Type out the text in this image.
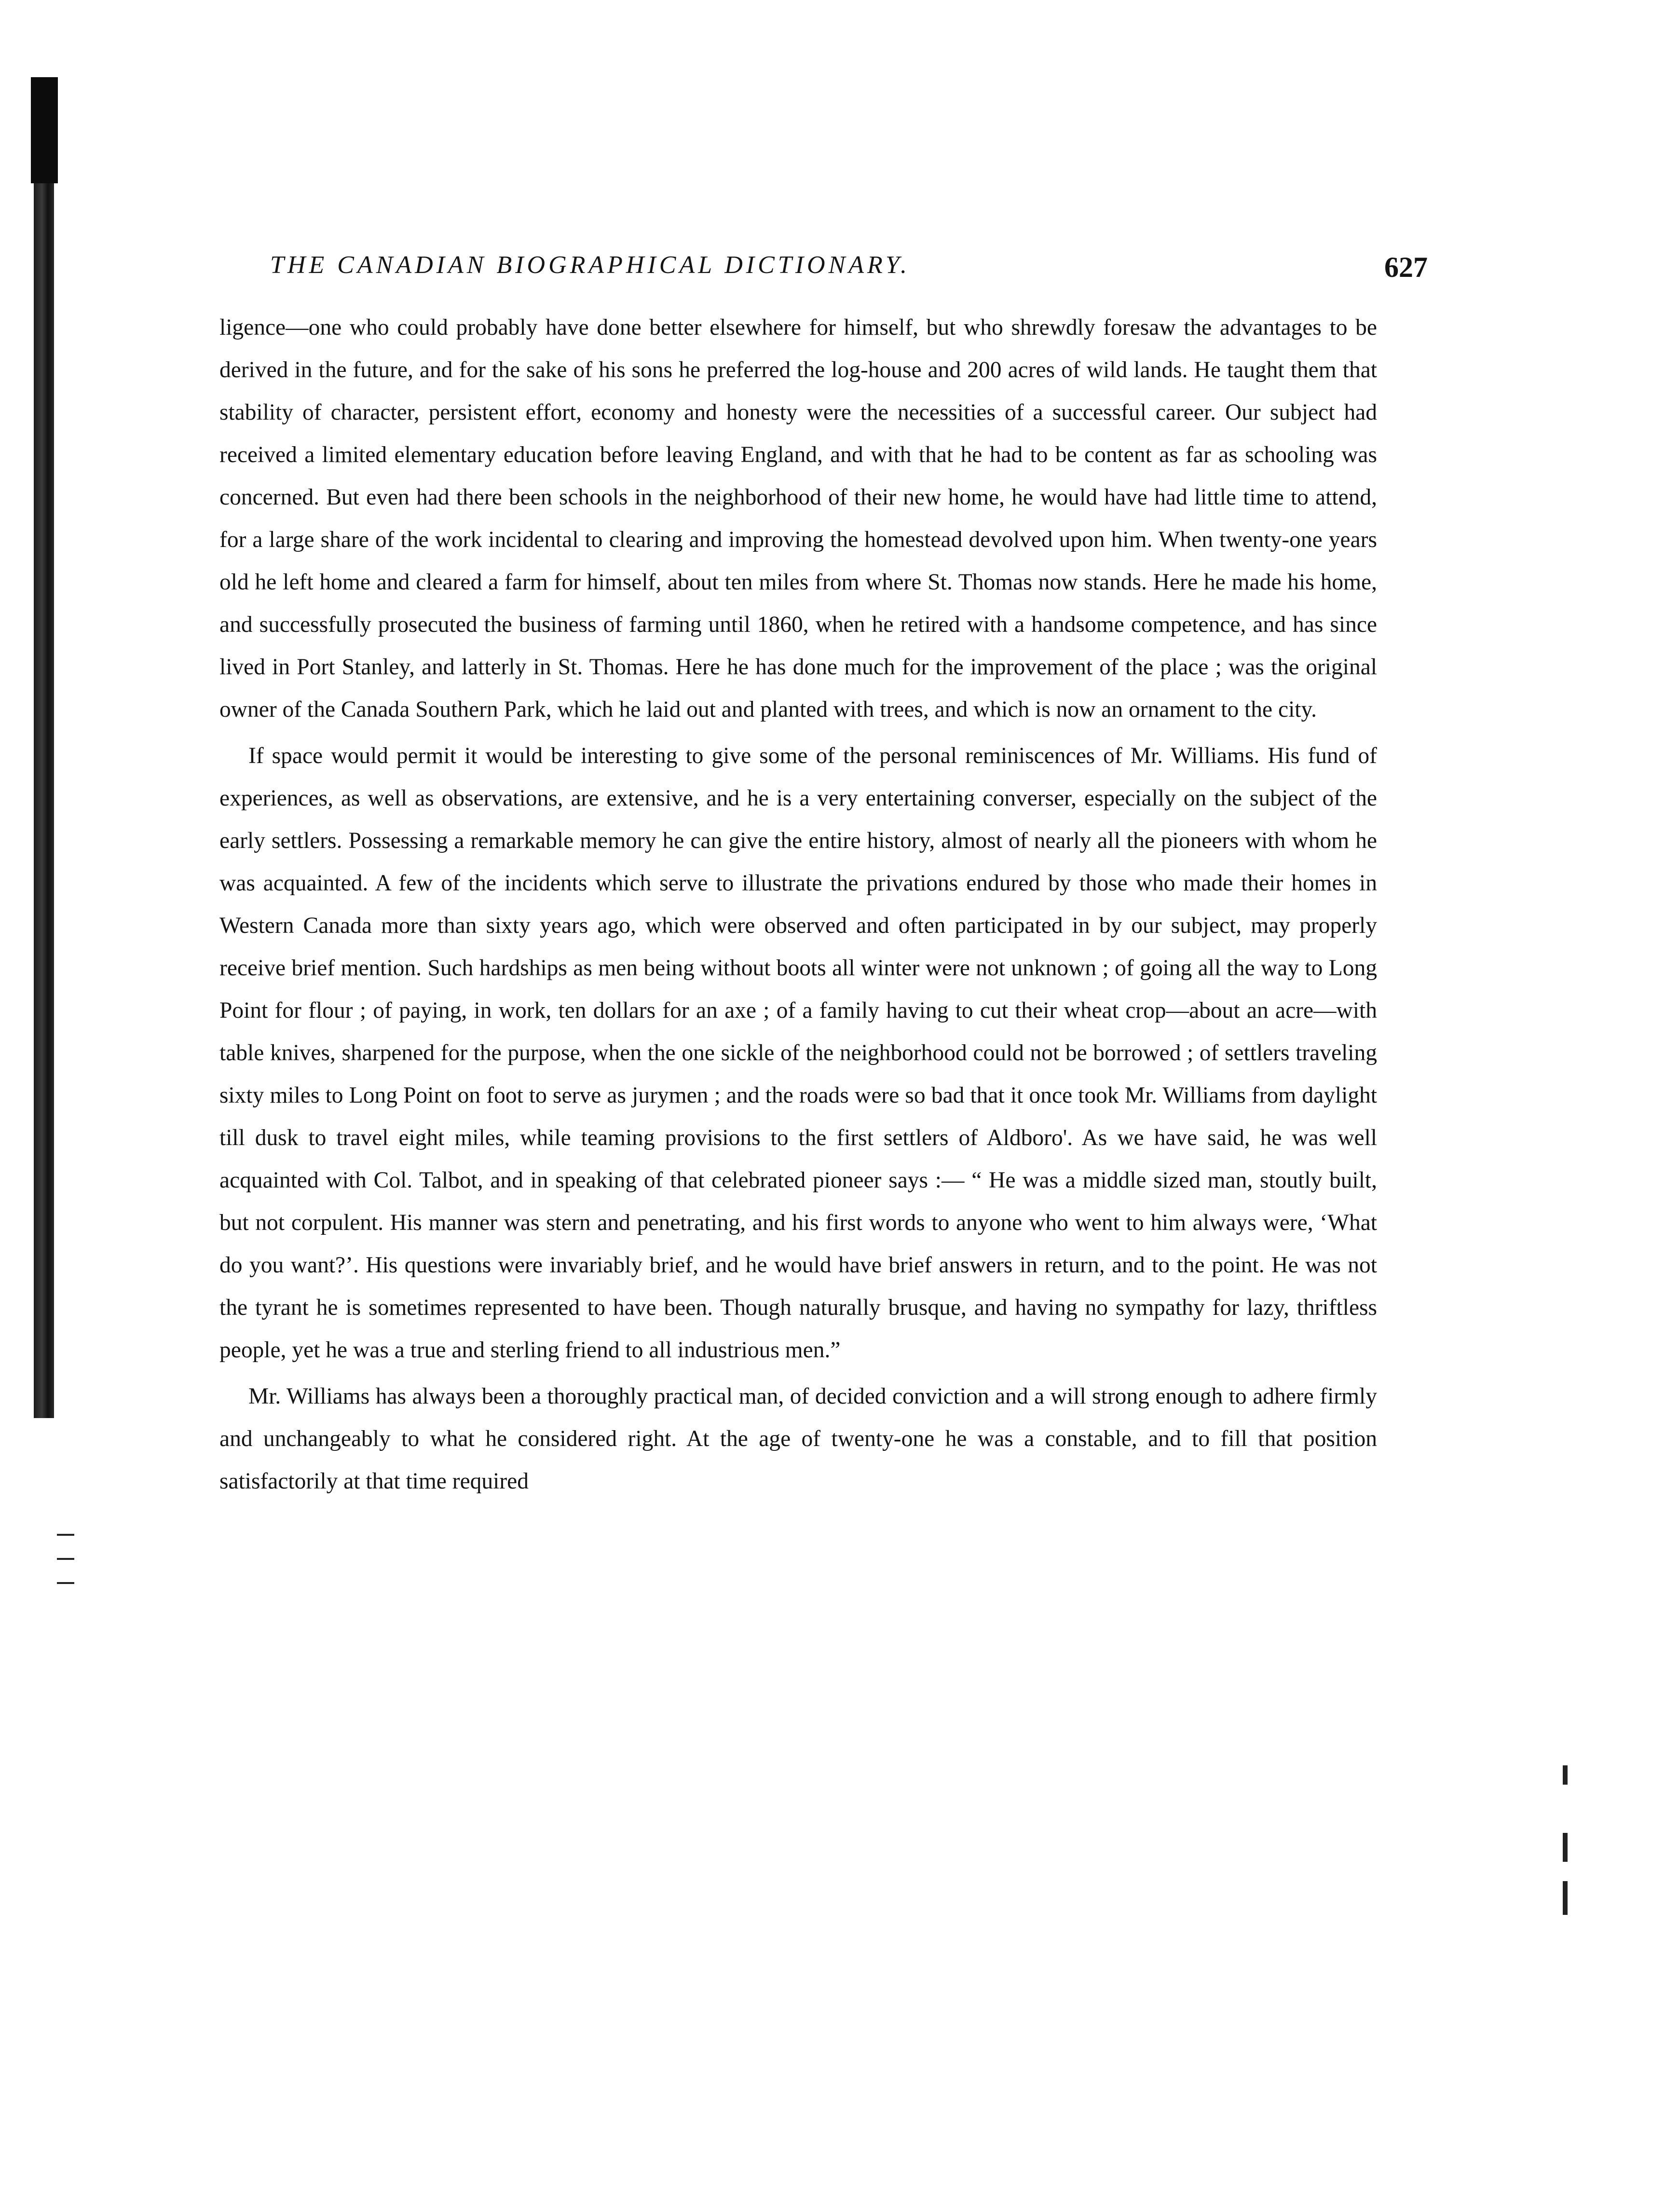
THE CANADIAN BIOGRAPHICAL DICTIONARY.	627

ligence—one who could probably have done better elsewhere for himself, but who shrewdly foresaw the advantages to be derived in the future, and for the sake of his sons he preferred the log-house and 200 acres of wild lands. He taught them that stability of character, persistent effort, economy and honesty were the necessities of a successful career. Our subject had received a limited elementary education before leaving England, and with that he had to be content as far as schooling was concerned. But even had there been schools in the neighborhood of their new home, he would have had little time to attend, for a large share of the work incidental to clearing and improving the homestead devolved upon him. When twenty-one years old he left home and cleared a farm for himself, about ten miles from where St. Thomas now stands. Here he made his home, and successfully prosecuted the business of farming until 1860, when he retired with a handsome competence, and has since lived in Port Stanley, and latterly in St. Thomas. Here he has done much for the improvement of the place ; was the original owner of the Canada Southern Park, which he laid out and planted with trees, and which is now an ornament to the city.

If space would permit it would be interesting to give some of the personal reminiscences of Mr. Williams. His fund of experiences, as well as observations, are extensive, and he is a very entertaining converser, especially on the subject of the early settlers. Possessing a remarkable memory he can give the entire history, almost of nearly all the pioneers with whom he was acquainted. A few of the incidents which serve to illustrate the privations endured by those who made their homes in Western Canada more than sixty years ago, which were observed and often participated in by our subject, may properly receive brief mention. Such hardships as men being without boots all winter were not unknown ; of going all the way to Long Point for flour ; of paying, in work, ten dollars for an axe ; of a family having to cut their wheat crop—about an acre—with table knives, sharpened for the purpose, when the one sickle of the neighborhood could not be borrowed ; of settlers traveling sixty miles to Long Point on foot to serve as jurymen ; and the roads were so bad that it once took Mr. Williams from daylight till dusk to travel eight miles, while teaming provisions to the first settlers of Aldboro'. As we have said, he was well acquainted with Col. Talbot, and in speaking of that celebrated pioneer says :— “ He was a middle sized man, stoutly built, but not corpulent. His manner was stern and penetrating, and his first words to anyone who went to him always were, ‘What do you want?’. His questions were invariably brief, and he would have brief answers in return, and to the point. He was not the tyrant he is sometimes represented to have been. Though naturally brusque, and having no sympathy for lazy, thriftless people, yet he was a true and sterling friend to all industrious men.”

Mr. Williams has always been a thoroughly practical man, of decided conviction and a will strong enough to adhere firmly and unchangeably to what he considered right. At the age of twenty-one he was a constable, and to fill that position satisfactorily at that time required
